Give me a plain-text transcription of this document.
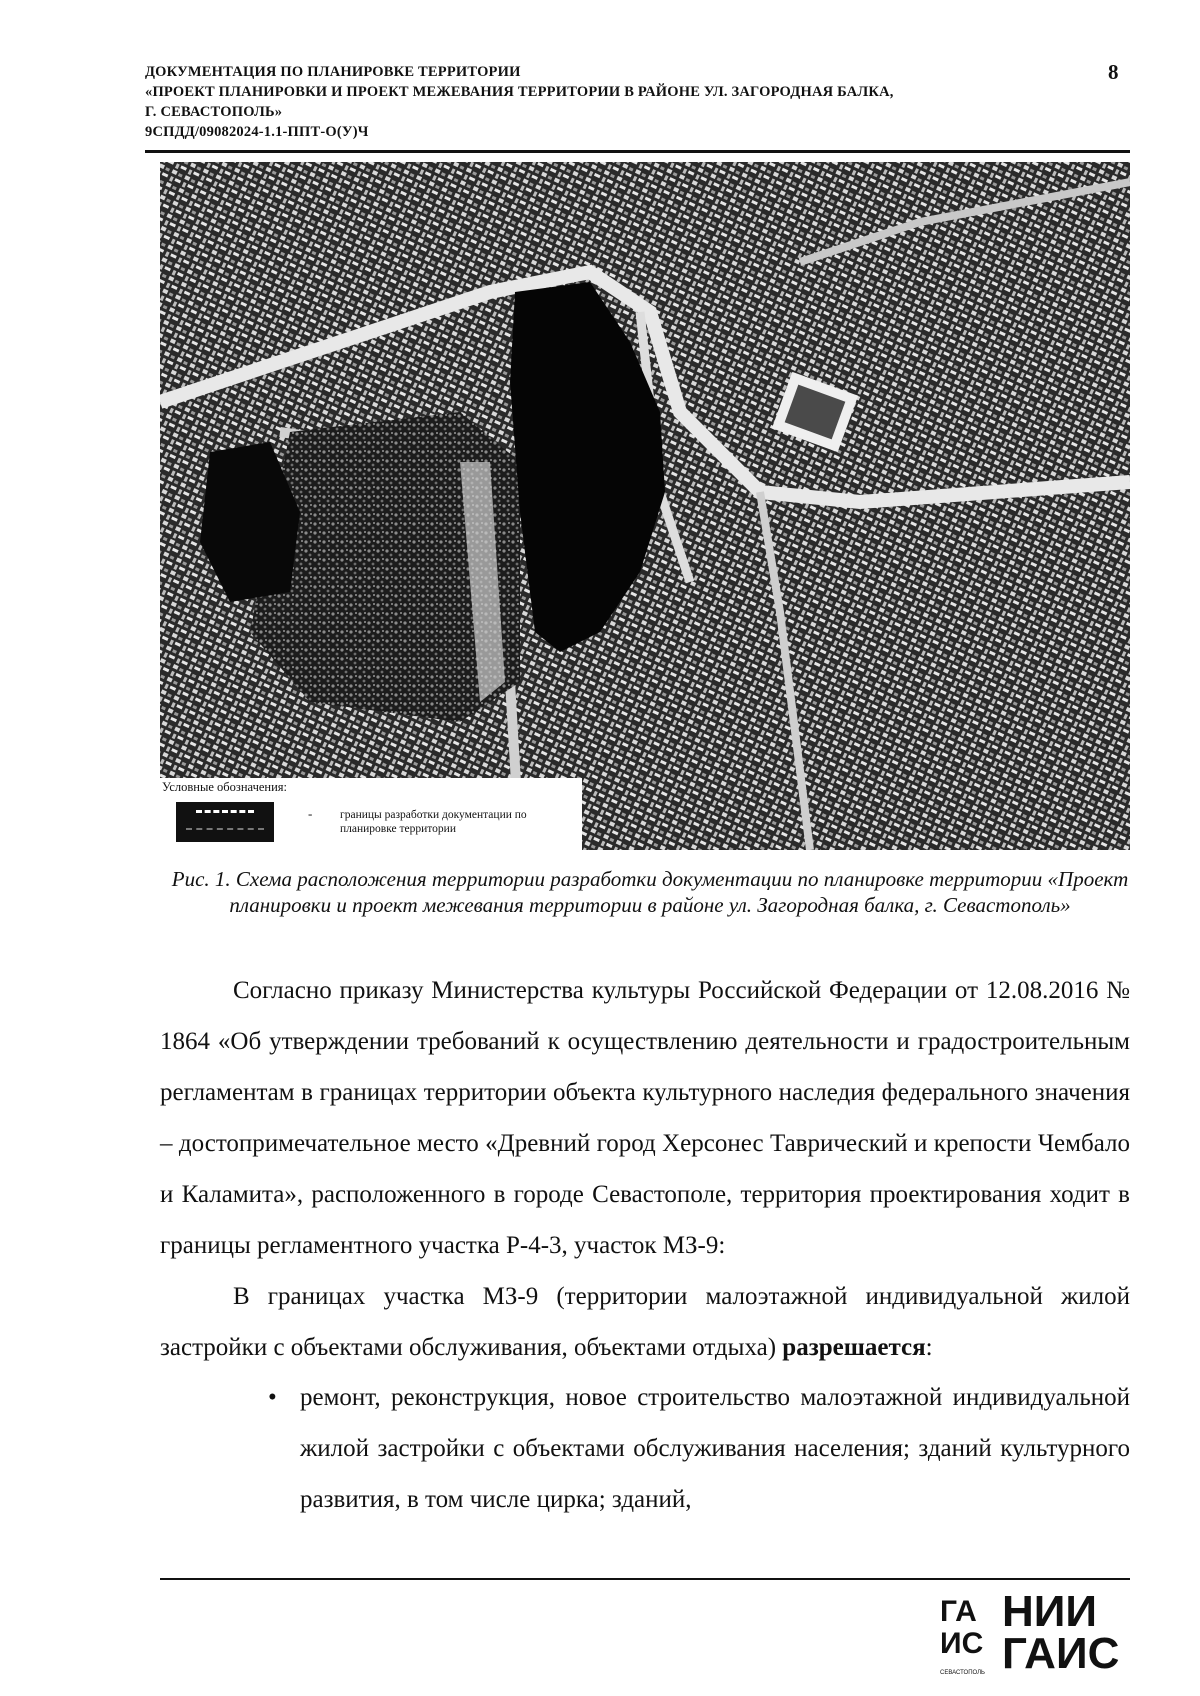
ДОКУМЕНТАЦИЯ ПО ПЛАНИРОВКЕ ТЕРРИТОРИИ
«ПРОЕКТ ПЛАНИРОВКИ И ПРОЕКТ МЕЖЕВАНИЯ ТЕРРИТОРИИ В РАЙОНЕ УЛ. ЗАГОРОДНАЯ БАЛКА,
Г. СЕВАСТОПОЛЬ»
9СПДД/09082024-1.1-ППТ-О(У)Ч
8
Условные обозначения:
- границы разработки документации по планировке территории
Рис. 1. Схема расположения территории разработки документации по планировке территории «Проект планировки и проект межевания территории в районе ул. Загородная балка, г. Севастополь»
Согласно приказу Министерства культуры Российской Федерации от 12.08.2016 № 1864 «Об утверждении требований к осуществлению деятельности и градостроительным регламентам в границах территории объекта культурного наследия федерального значения – достопримечательное место «Древний город Херсонес Таврический и крепости Чембало и Каламита», расположенного в городе Севастополе, территория проектирования ходит в границы регламентного участка Р-4-3, участок МЗ-9:
В границах участка МЗ-9 (территории малоэтажной индивидуальной жилой застройки с объектами обслуживания, объектами отдыха) разрешается:
• ремонт, реконструкция, новое строительство малоэтажной индивидуальной жилой застройки с объектами обслуживания населения; зданий культурного развития, в том числе цирка; зданий,
ГА
ИС
СЕВАСТОПОЛЬ
НИИ
ГАИС
